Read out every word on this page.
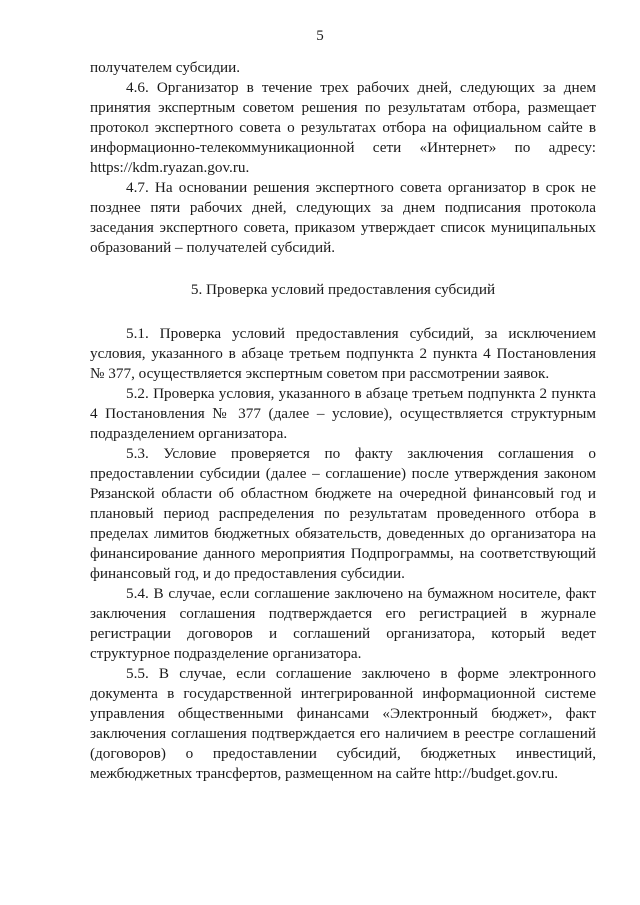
5

получателем субсидии.

4.6. Организатор в течение трех рабочих дней, следующих за днем принятия экспертным советом решения по результатам отбора, размещает протокол экспертного совета о результатах отбора на официальном сайте в информационно-телекоммуникационной сети «Интернет» по адресу: https://kdm.ryazan.gov.ru.

4.7. На основании решения экспертного совета организатор в срок не позднее пяти рабочих дней, следующих за днем подписания протокола заседания экспертного совета, приказом утверждает список муниципальных образований – получателей субсидий.

5. Проверка условий предоставления субсидий

5.1. Проверка условий предоставления субсидий, за исключением условия, указанного в абзаце третьем подпункта 2 пункта 4 Постановления № 377, осуществляется экспертным советом при рассмотрении заявок.

5.2. Проверка условия, указанного в абзаце третьем подпункта 2 пункта 4 Постановления № 377 (далее – условие), осуществляется структурным подразделением организатора.

5.3. Условие проверяется по факту заключения соглашения о предоставлении субсидии (далее – соглашение) после утверждения законом Рязанской области об областном бюджете на очередной финансовый год и плановый период распределения по результатам проведенного отбора в пределах лимитов бюджетных обязательств, доведенных до организатора на финансирование данного мероприятия Подпрограммы, на соответствующий финансовый год, и до предоставления субсидии.

5.4. В случае, если соглашение заключено на бумажном носителе, факт заключения соглашения подтверждается его регистрацией в журнале регистрации договоров и соглашений организатора, который ведет структурное подразделение организатора.

5.5. В случае, если соглашение заключено в форме электронного документа в государственной интегрированной информационной системе управления общественными финансами «Электронный бюджет», факт заключения соглашения подтверждается его наличием в реестре соглашений (договоров) о предоставлении субсидий, бюджетных инвестиций, межбюджетных трансфертов, размещенном на сайте http://budget.gov.ru.
